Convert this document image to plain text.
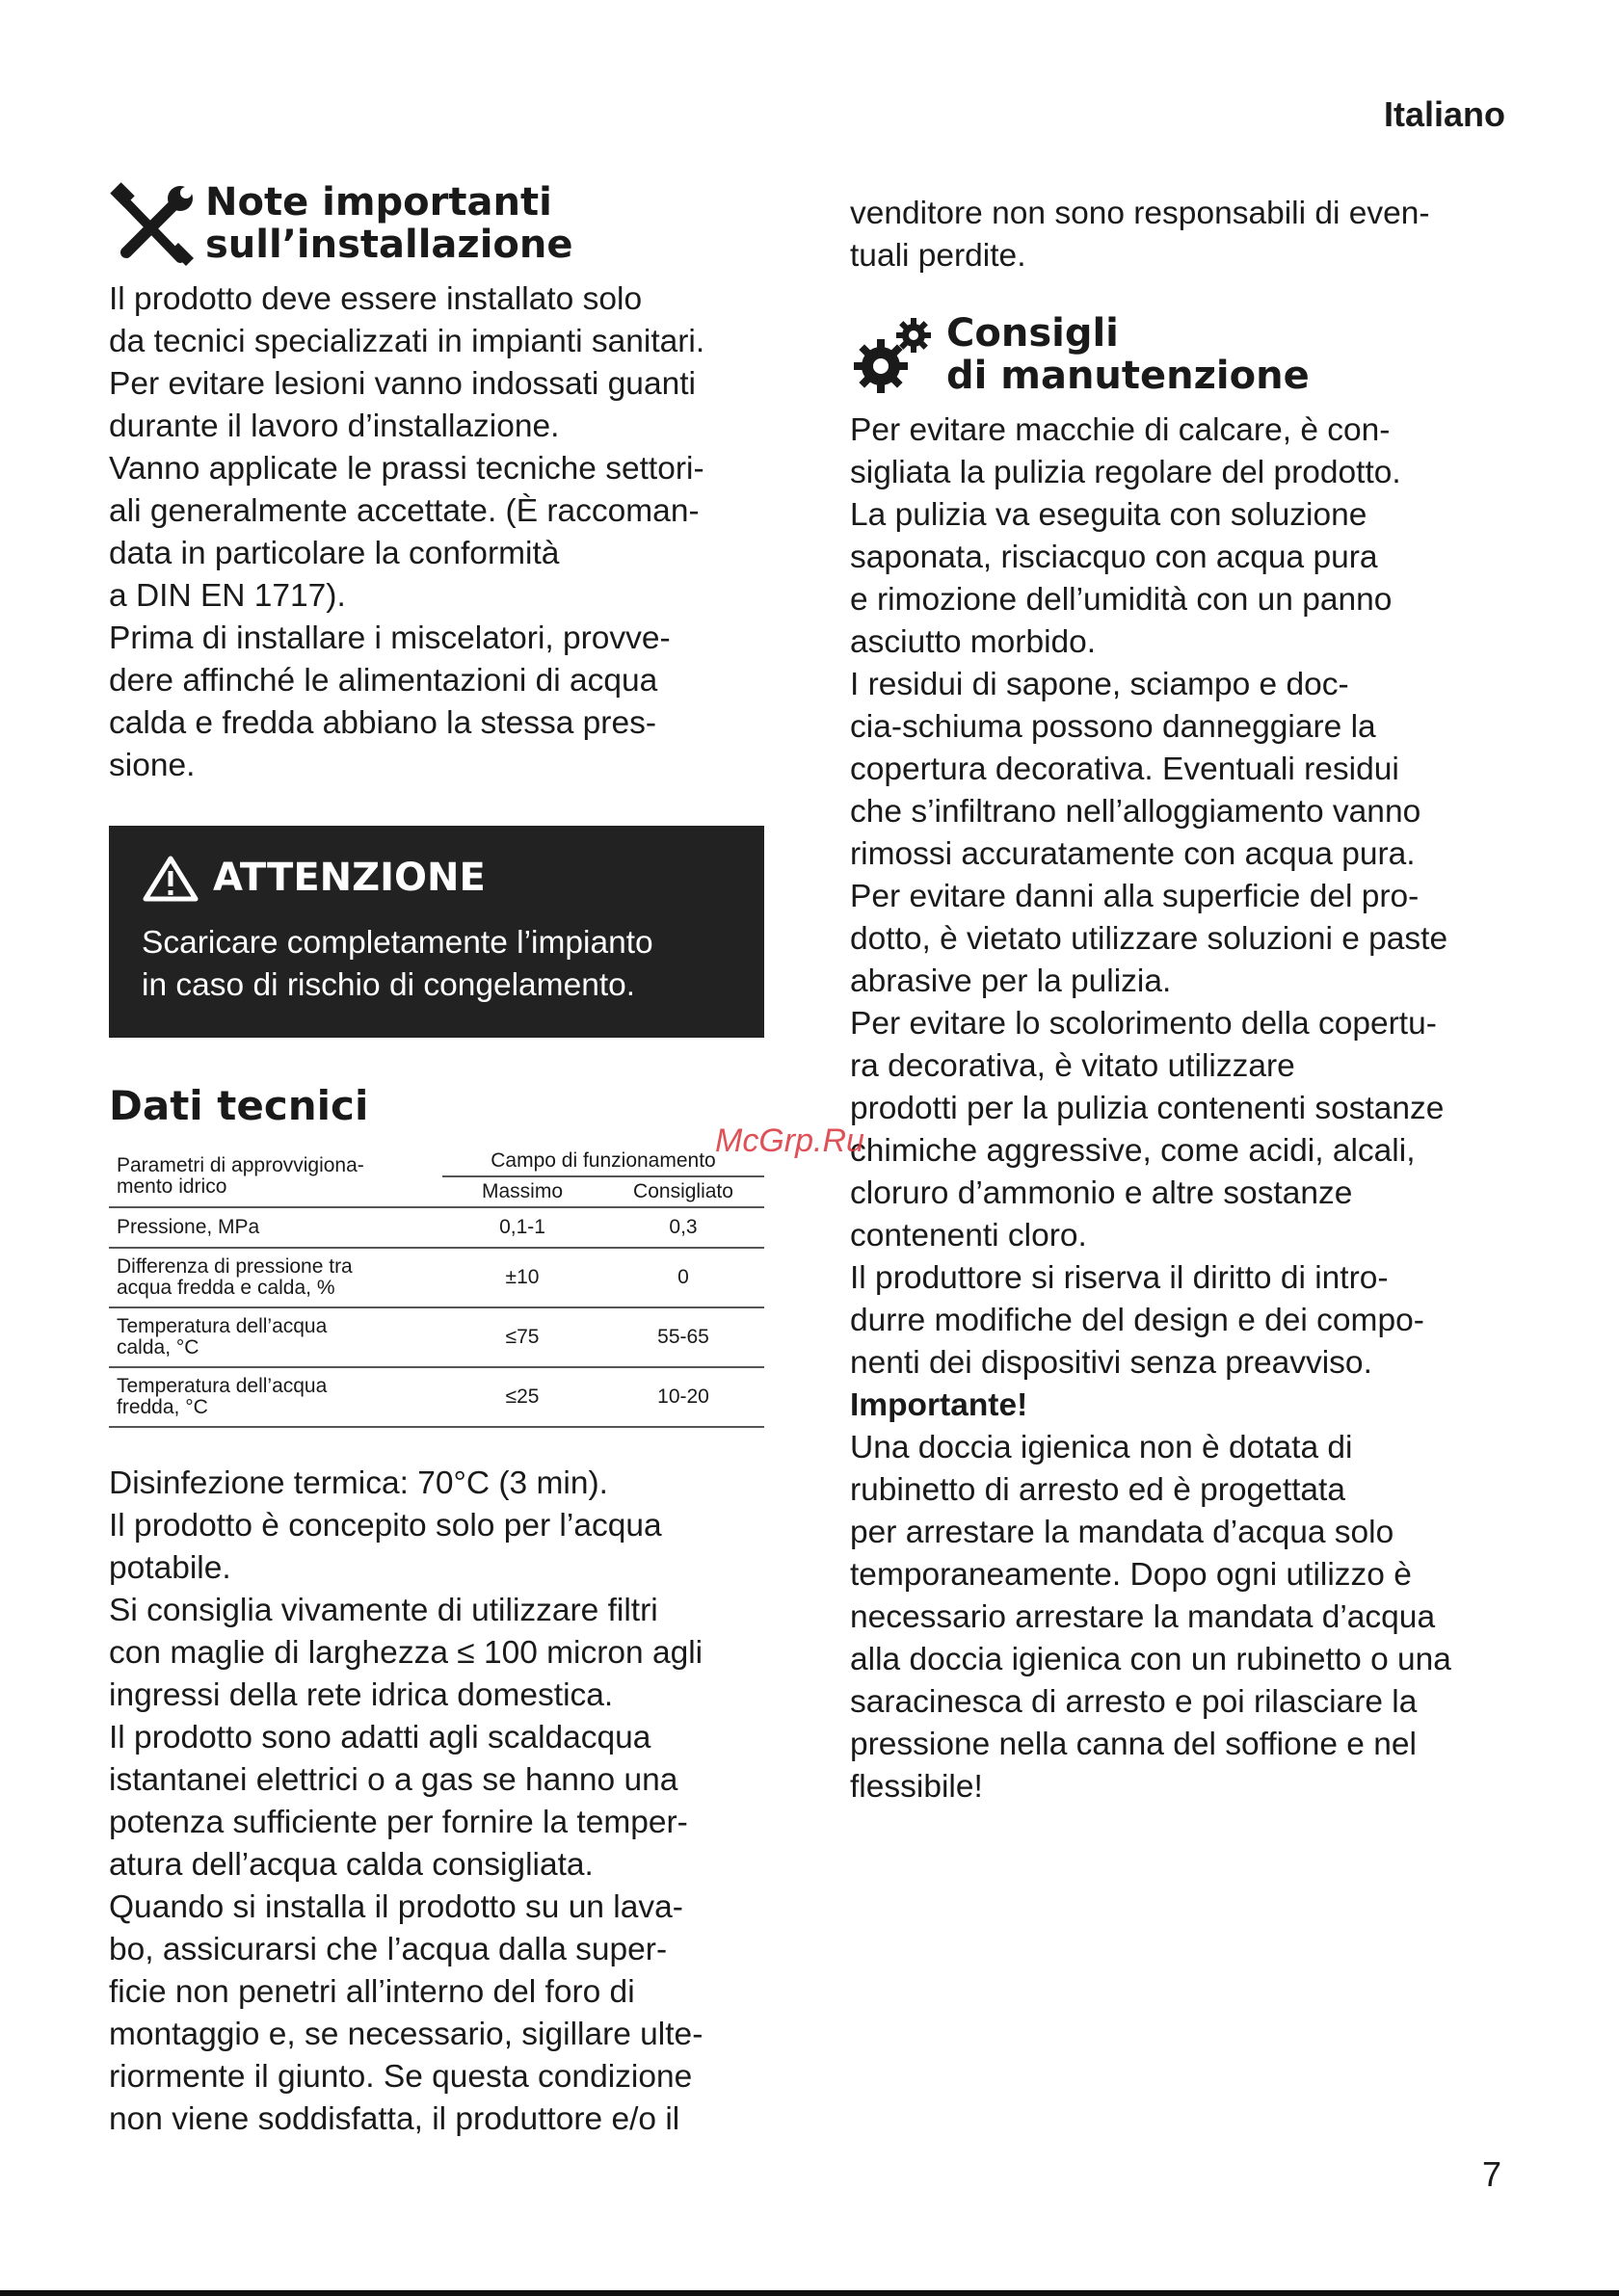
Italiano

Note importanti

sull’installazione

Il prodotto deve essere installato solo

da tecnici specializzati in impianti sanitari.

Per evitare lesioni vanno indossati guanti

durante il lavoro d’installazione.

Vanno applicate le prassi tecniche settori-

ali generalmente accettate. (È raccoman-

data in particolare la conformità

a DIN EN 1717).

Prima di installare i miscelatori, provve-

dere affinché le alimentazioni di acqua

calda e fredda abbiano la stessa pres-

sione.

ATTENZIONE

Scaricare completamente l’impianto

in caso di rischio di congelamento.

Dati tecnici

Parametri di approvvigiona-
mento idrico	Campo di funzionamento	
	Massimo	Consigliato
Pressione, MPa	0,1-1	0,3
Differenza di pressione tra
acqua fredda e calda, %	±10	0
Temperatura dell’acqua
calda, °C	≤75	55-65
Temperatura dell’acqua
fredda, °C	≤25	10-20

Disinfezione termica: 70°C (3 min).

Il prodotto è concepito solo per l’acqua

potabile.

Si consiglia vivamente di utilizzare filtri

con maglie di larghezza ≤ 100 micron agli

ingressi della rete idrica domestica.

Il prodotto sono adatti agli scaldacqua

istantanei elettrici o a gas se hanno una

potenza sufficiente per fornire la temper-

atura dell’acqua calda consigliata.

Quando si installa il prodotto su un lava-

bo, assicurarsi che l’acqua dalla super-

ficie non penetri all’interno del foro di

montaggio e, se necessario, sigillare ulte-

riormente il giunto. Se questa condizione

non viene soddisfatta, il produttore e/o il

venditore non sono responsabili di even-

tuali perdite.

Consigli

di manutenzione

Per evitare macchie di calcare, è con-

sigliata la pulizia regolare del prodotto.

La pulizia va eseguita con soluzione

saponata, risciacquo con acqua pura

e rimozione dell’umidità con un panno

asciutto morbido.

I residui di sapone, sciampo e doc-

cia-schiuma possono danneggiare la

copertura decorativa. Eventuali residui

che s’infiltrano nell’alloggiamento vanno

rimossi accuratamente con acqua pura.

Per evitare danni alla superficie del pro-

dotto, è vietato utilizzare soluzioni e paste

abrasive per la pulizia.

Per evitare lo scolorimento della copertu-

ra decorativa, è vitato utilizzare

prodotti per la pulizia contenenti sostanze

chimiche aggressive, come acidi, alcali,

cloruro d’ammonio e altre sostanze

contenenti cloro.

Il produttore si riserva il diritto di intro-

durre modifiche del design e dei compo-

nenti dei dispositivi senza preavviso.

Importante!

Una doccia igienica non è dotata di

rubinetto di arresto ed è progettata

per arrestare la mandata d’acqua solo

temporaneamente. Dopo ogni utilizzo è

necessario arrestare la mandata d’acqua

alla doccia igienica con un rubinetto o una

saracinesca di arresto e poi rilasciare la

pressione nella canna del soffione e nel

flessibile!

McGrp.Ru
7
